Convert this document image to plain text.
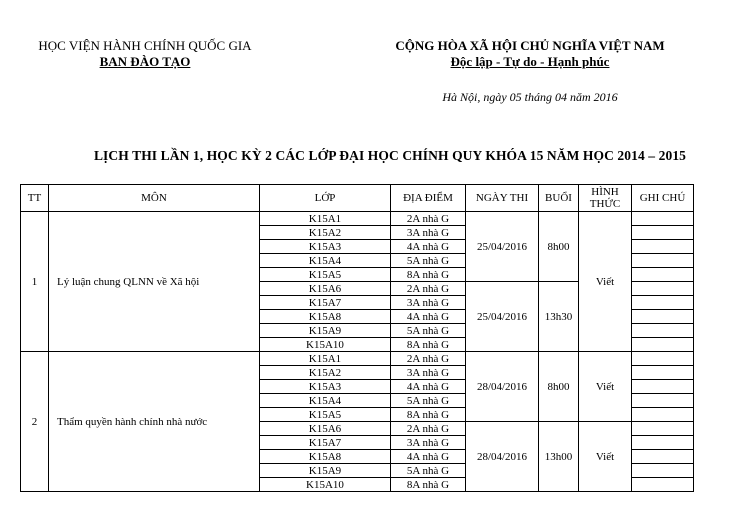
HỌC VIỆN HÀNH CHÍNH QUỐC GIA
BAN ĐÀO TẠO
CỘNG HÒA XÃ HỘI CHỦ NGHĨA VIỆT NAM
Độc lập - Tự do - Hạnh phúc
Hà Nội, ngày 05 tháng 04 năm 2016
LỊCH THI LẦN 1, HỌC KỲ 2 CÁC LỚP ĐẠI HỌC CHÍNH QUY KHÓA 15 NĂM HỌC 2014 – 2015
TT	MÔN	LỚP	ĐỊA ĐIỂM	NGÀY THI	BUỔI	HÌNH THỨC	GHI CHÚ
1	Lý luận chung QLNN về Xã hội	K15A1	2A nhà G	25/04/2016	8h00	Viết	
		K15A2	3A nhà G				
		K15A3	4A nhà G				
		K15A4	5A nhà G				
		K15A5	8A nhà G				
		K15A6	2A nhà G	25/04/2016	13h30		
		K15A7	3A nhà G				
		K15A8	4A nhà G				
		K15A9	5A nhà G				
		K15A10	8A nhà G				
2	Thẩm quyền hành chính nhà nước	K15A1	2A nhà G	28/04/2016	8h00	Viết	
		K15A2	3A nhà G				
		K15A3	4A nhà G				
		K15A4	5A nhà G				
		K15A5	8A nhà G				
		K15A6	2A nhà G	28/04/2016	13h00	Viết	
		K15A7	3A nhà G				
		K15A8	4A nhà G				
		K15A9	5A nhà G				
		K15A10	8A nhà G				
